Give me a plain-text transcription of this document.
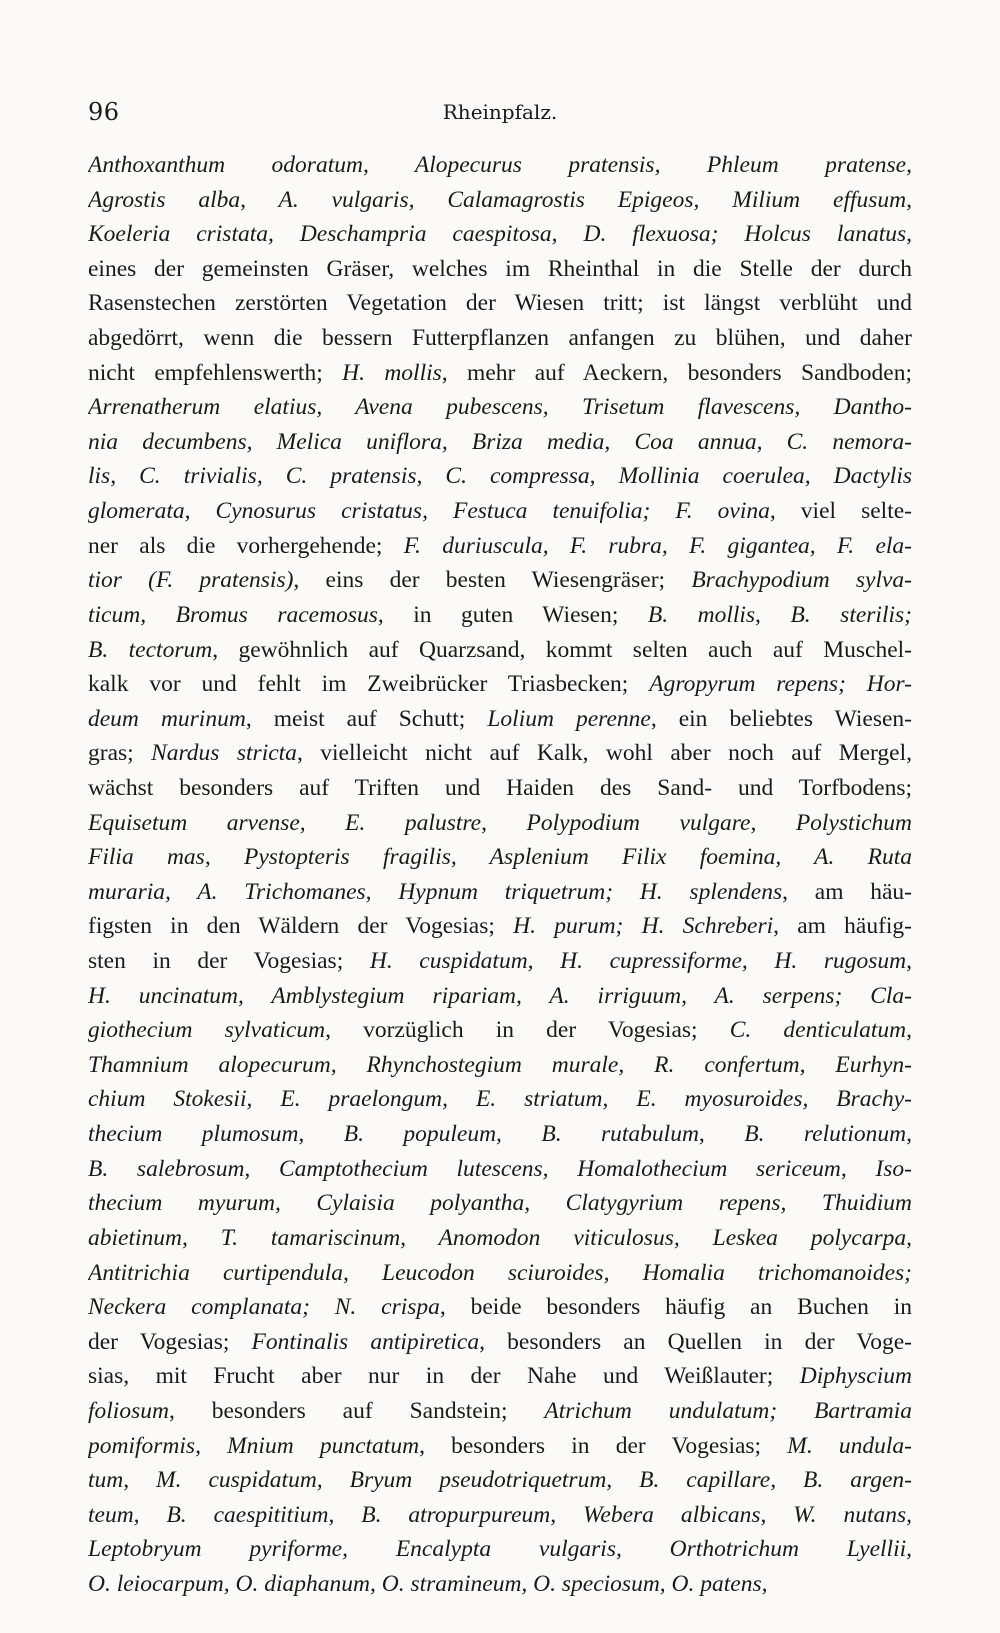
96	Rheinpfalz.
Anthoxanthum odoratum, Alopecurus pratensis, Phleum pratense,
Agrostis alba, A. vulgaris, Calamagrostis Epigeos, Milium effusum,
Koeleria cristata, Deschampria caespitosa, D. flexuosa; Holcus lanatus,
eines der gemeinsten Gräser, welches im Rheinthal in die Stelle der durch
Rasenstechen zerstörten Vegetation der Wiesen tritt; ist längst verblüht und
abgedörrt, wenn die bessern Futterpflanzen anfangen zu blühen, und daher
nicht empfehlenswerth; H. mollis, mehr auf Aeckern, besonders Sandboden;
Arrenatherum elatius, Avena pubescens, Trisetum flavescens, Dantho-
nia decumbens, Melica uniflora, Briza media, Coa annua, C. nemora-
lis, C. trivialis, C. pratensis, C. compressa, Mollinia coerulea, Dactylis
glomerata, Cynosurus cristatus, Festuca tenuifolia; F. ovina, viel selte-
ner als die vorhergehende; F. duriuscula, F. rubra, F. gigantea, F. ela-
tior (F. pratensis), eins der besten Wiesengräser; Brachypodium sylva-
ticum, Bromus racemosus, in guten Wiesen; B. mollis, B. sterilis;
B. tectorum, gewöhnlich auf Quarzsand, kommt selten auch auf Muschel-
kalk vor und fehlt im Zweibrücker Triasbecken; Agropyrum repens; Hor-
deum murinum, meist auf Schutt; Lolium perenne, ein beliebtes Wiesen-
gras; Nardus stricta, vielleicht nicht auf Kalk, wohl aber noch auf Mergel,
wächst besonders auf Triften und Haiden des Sand- und Torfbodens;
Equisetum arvense, E. palustre, Polypodium vulgare, Polystichum
Filia mas, Pystopteris fragilis, Asplenium Filix foemina, A. Ruta
muraria, A. Trichomanes, Hypnum triquetrum; H. splendens, am häu-
figsten in den Wäldern der Vogesias; H. purum; H. Schreberi, am häufig-
sten in der Vogesias; H. cuspidatum, H. cupressiforme, H. rugosum,
H. uncinatum, Amblystegium ripariam, A. irriguum, A. serpens; Cla-
giothecium sylvaticum, vorzüglich in der Vogesias; C. denticulatum,
Thamnium alopecurum, Rhynchostegium murale, R. confertum, Eurhyn-
chium Stokesii, E. praelongum, E. striatum, E. myosuroides, Brachy-
thecium plumosum, B. populeum, B. rutabulum, B. relutionum,
B. salebrosum, Camptothecium lutescens, Homalothecium sericeum, Iso-
thecium myurum, Cylaisia polyantha, Clatygyrium repens, Thuidium
abietinum, T. tamariscinum, Anomodon viticulosus, Leskea polycarpa,
Antitrichia curtipendula, Leucodon sciuroides, Homalia trichomanoides;
Neckera complanata; N. crispa, beide besonders häufig an Buchen in
der Vogesias; Fontinalis antipiretica, besonders an Quellen in der Voge-
sias, mit Frucht aber nur in der Nahe und Weißlauter; Diphyscium
foliosum, besonders auf Sandstein; Atrichum undulatum; Bartramia
pomiformis, Mnium punctatum, besonders in der Vogesias; M. undula-
tum, M. cuspidatum, Bryum pseudotriquetrum, B. capillare, B. argen-
teum, B. caespititium, B. atropurpureum, Webera albicans, W. nutans,
Leptobryum pyriforme, Encalypta vulgaris, Orthotrichum Lyellii,
O. leiocarpum, O. diaphanum, O. stramineum, O. speciosum, O. patens,
